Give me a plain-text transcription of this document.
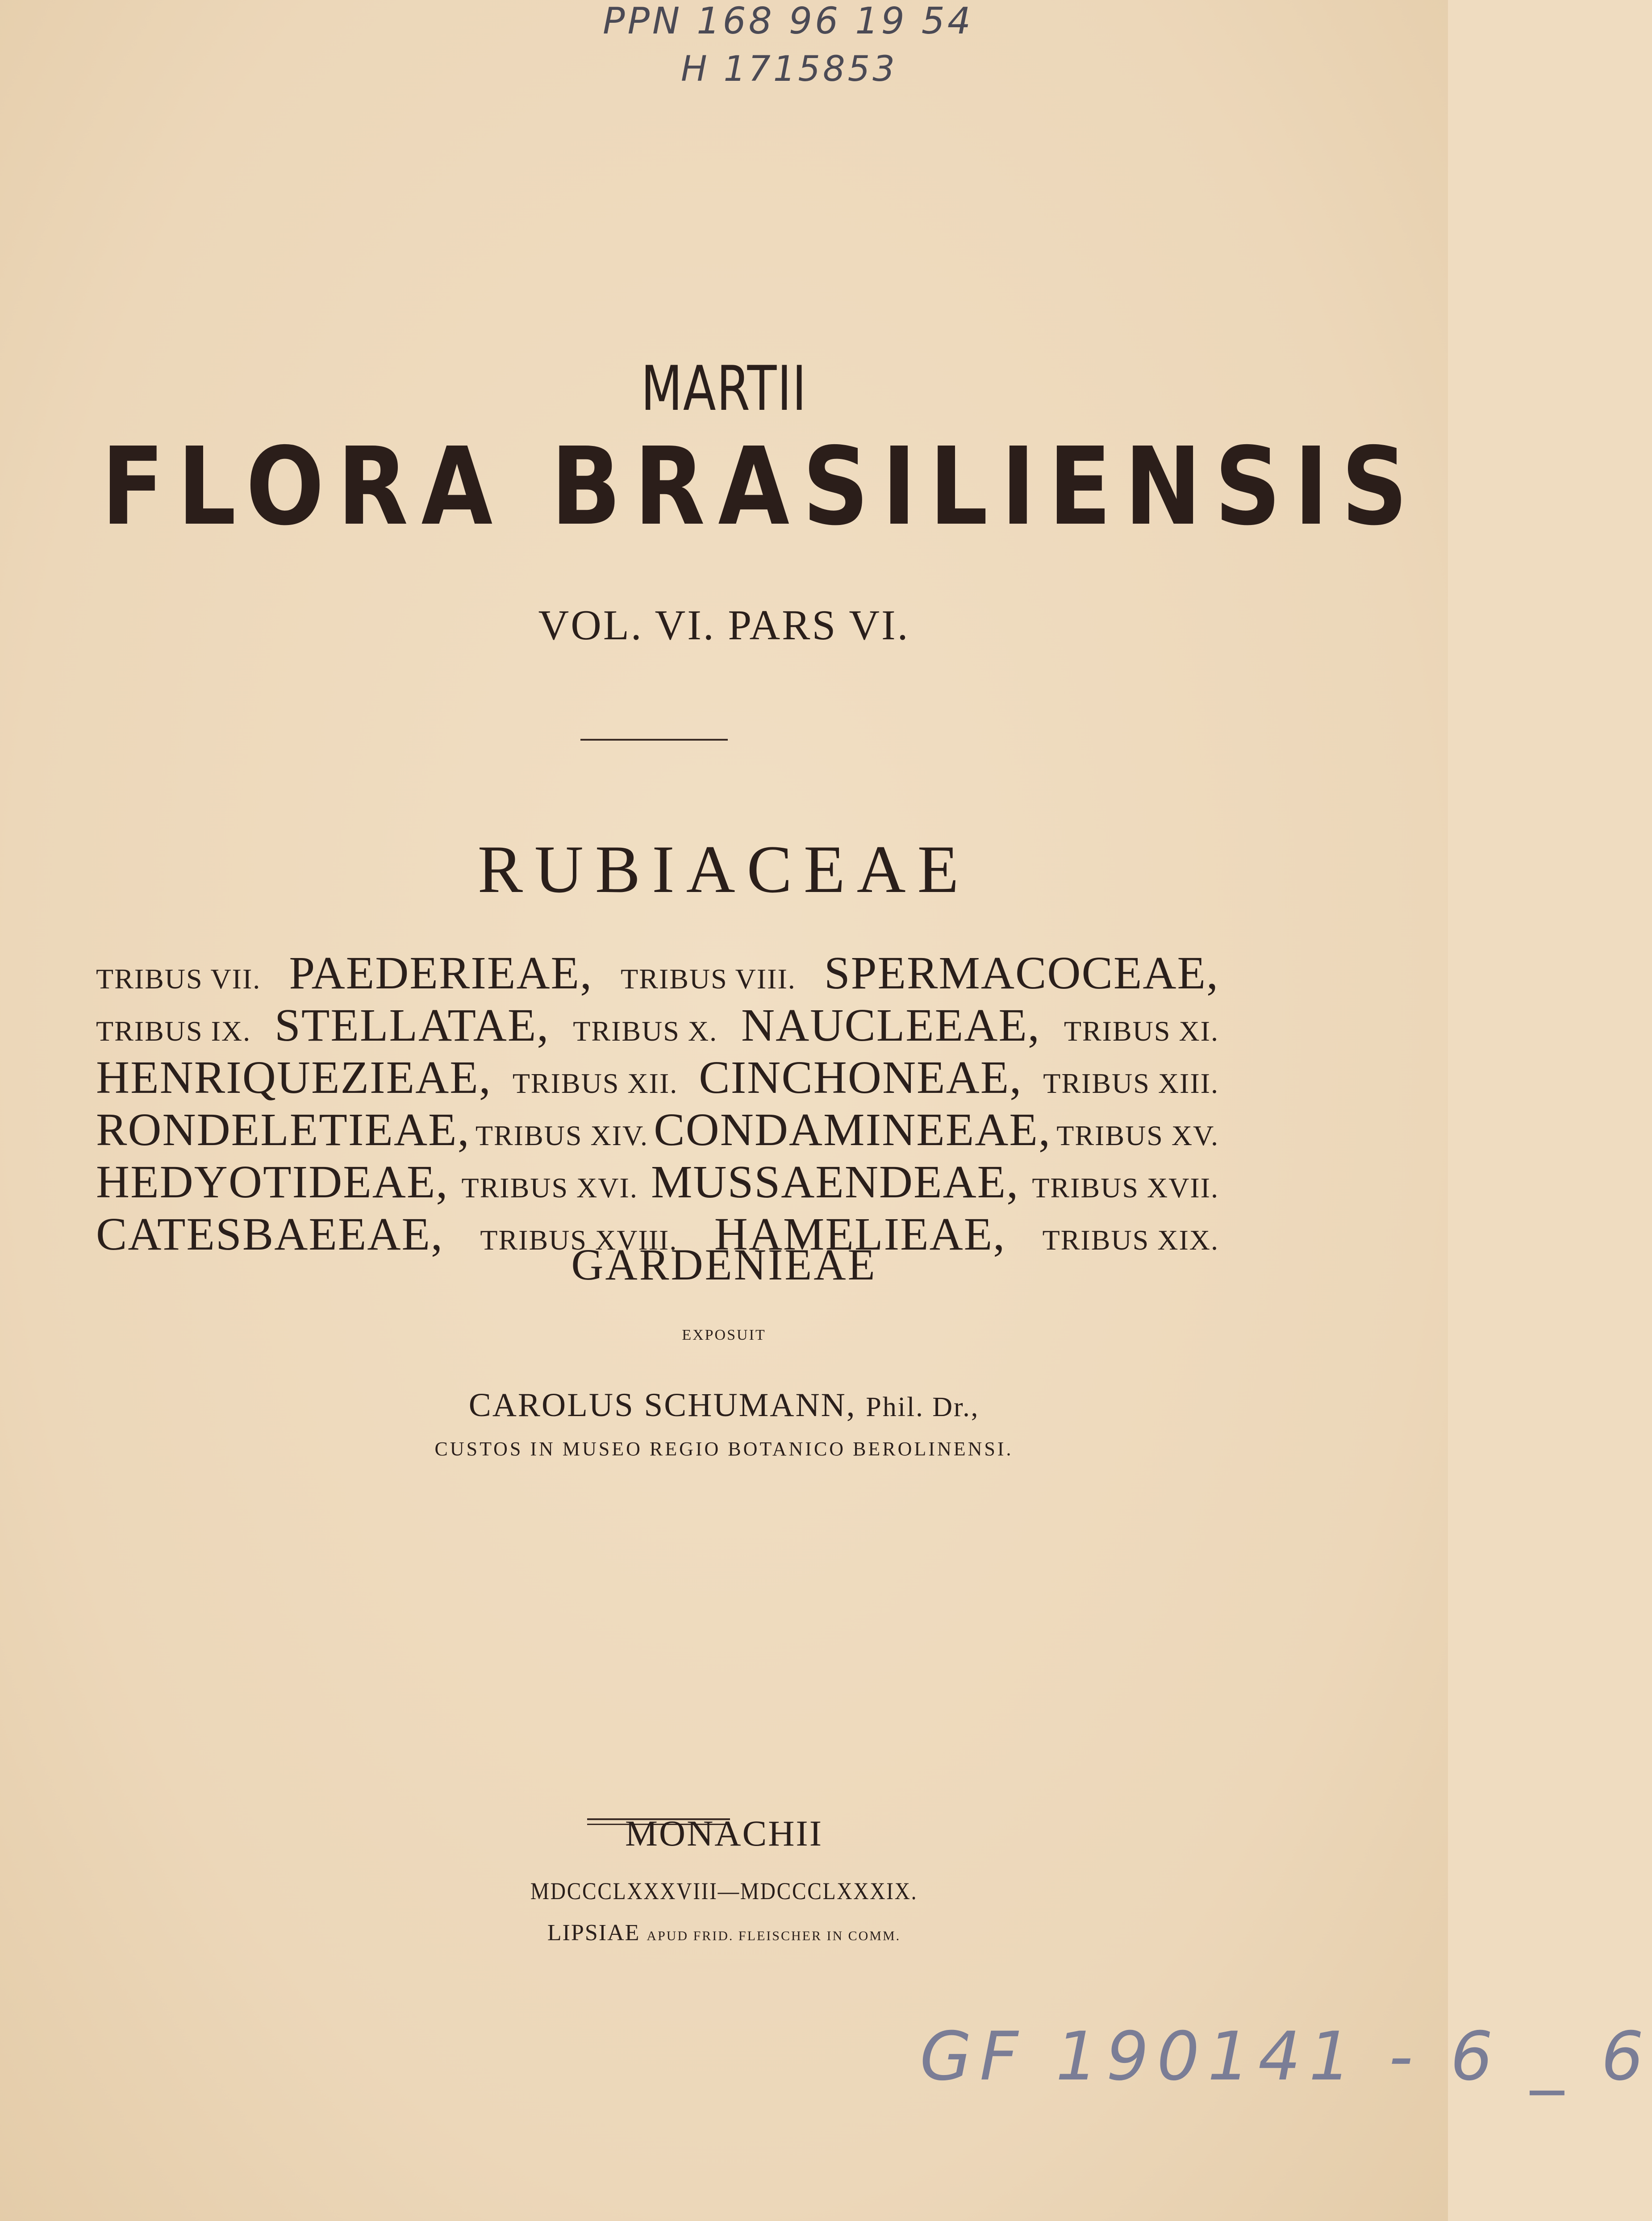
PPN 168 96 19 54
H 1715853
MARTII
FLORA BRASILIENSIS
VOL. VI. PARS VI.
RUBIACEAE
TRIBUS VII. PAEDERIEAE, TRIBUS VIII. SPERMACOCEAE,
TRIBUS IX. STELLATAE, TRIBUS X. NAUCLEEAE, TRIBUS XI.
HENRIQUEZIEAE, TRIBUS XII. CINCHONEAE, TRIBUS XIII.
RONDELETIEAE, TRIBUS XIV. CONDAMINEEAE, TRIBUS XV.
HEDYOTIDEAE, TRIBUS XVI. MUSSAENDEAE, TRIBUS XVII.
CATESBAEEAE, TRIBUS XVIII. HAMELIEAE, TRIBUS XIX.
GARDENIEAE
EXPOSUIT
CAROLUS SCHUMANN, Phil. Dr.,
CUSTOS IN MUSEO REGIO BOTANICO BEROLINENSI.
MONACHII
MDCCCLXXXVIII—MDCCCLXXXIX.
LIPSIAE APUD FRID. FLEISCHER IN COMM.
GF 190141 - 6 _ 6
